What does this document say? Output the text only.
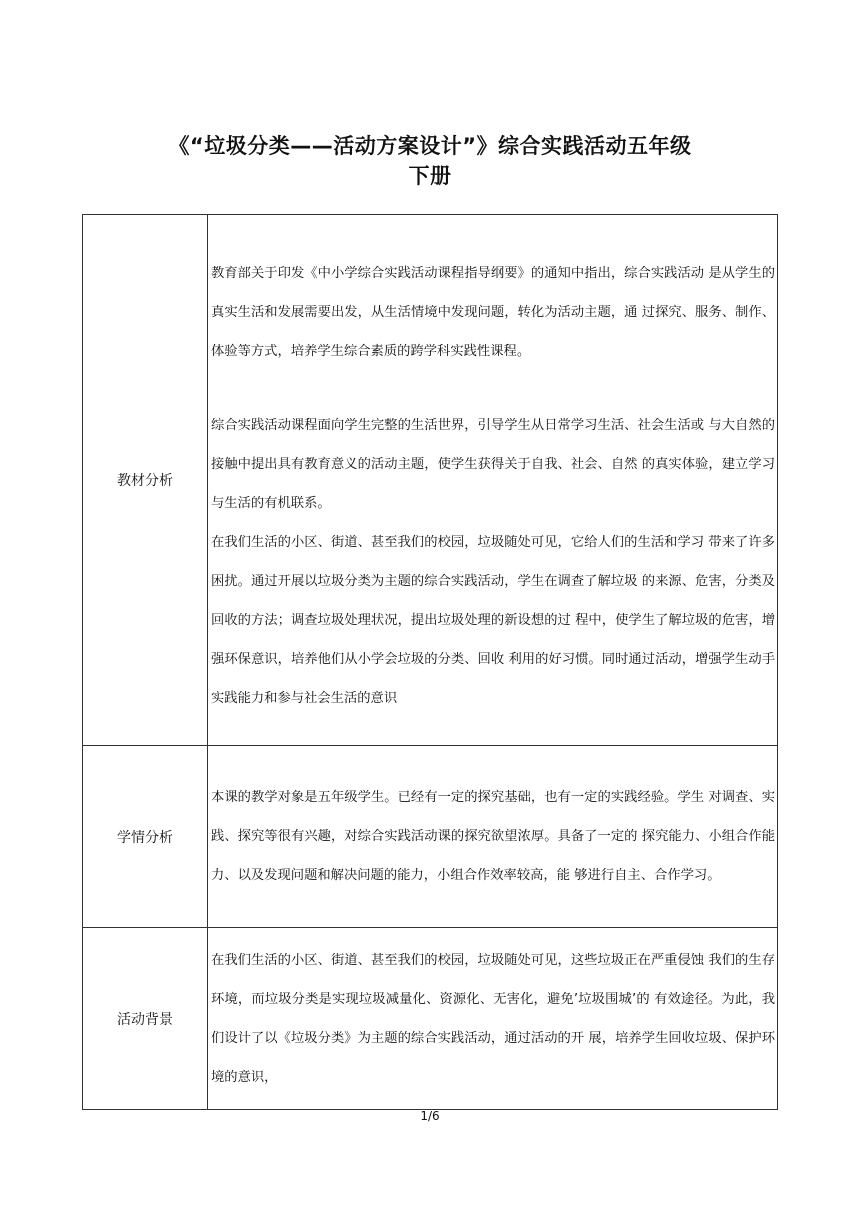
《“垃圾分类——活动方案设计”》综合实践活动五年级
下册
教材分析	教育部关于印发《中小学综合实践活动课程指导纲要》的通知中指出，综合实践活动 是从学生的真实生活和发展需要出发，从生活情境中发现问题，转化为活动主题，通 过探究、服务、制作、体验等方式，培养学生综合素质的跨学科实践性课程。

综合实践活动课程面向学生完整的生活世界，引导学生从日常学习生活、社会生活或 与大自然的接触中提出具有教育意义的活动主题，使学生获得关于自我、社会、自然 的真实体验，建立学习与生活的有机联系。

在我们生活的小区、街道、甚至我们的校园，垃圾随处可见，它给人们的生活和学习 带来了许多困扰。通过开展以垃圾分类为主题的综合实践活动，学生在调查了解垃圾 的来源、危害，分类及回收的方法；调查垃圾处理状况，提出垃圾处理的新设想的过 程中，使学生了解垃圾的危害，增强环保意识，培养他们从小学会垃圾的分类、回收 利用的好习惯。同时通过活动，增强学生动手实践能力和参与社会生活的意识

学情分析	本课的教学对象是五年级学生。已经有一定的探究基础，也有一定的实践经验。学生 对调查、实践、探究等很有兴趣，对综合实践活动课的探究欲望浓厚。具备了一定的 探究能力、小组合作能力、以及发现问题和解决问题的能力，小组合作效率较高，能 够进行自主、合作学习。

活动背景	在我们生活的小区、街道、甚至我们的校园，垃圾随处可见，这些垃圾正在严重侵蚀 我们的生存环境，而垃圾分类是实现垃圾减量化、资源化、无害化，避免’垃圾围城’的 有效途径。为此，我们设计了以《垃圾分类》为主题的综合实践活动，通过活动的开 展，培养学生回收垃圾、保护环境的意识，

1/6
